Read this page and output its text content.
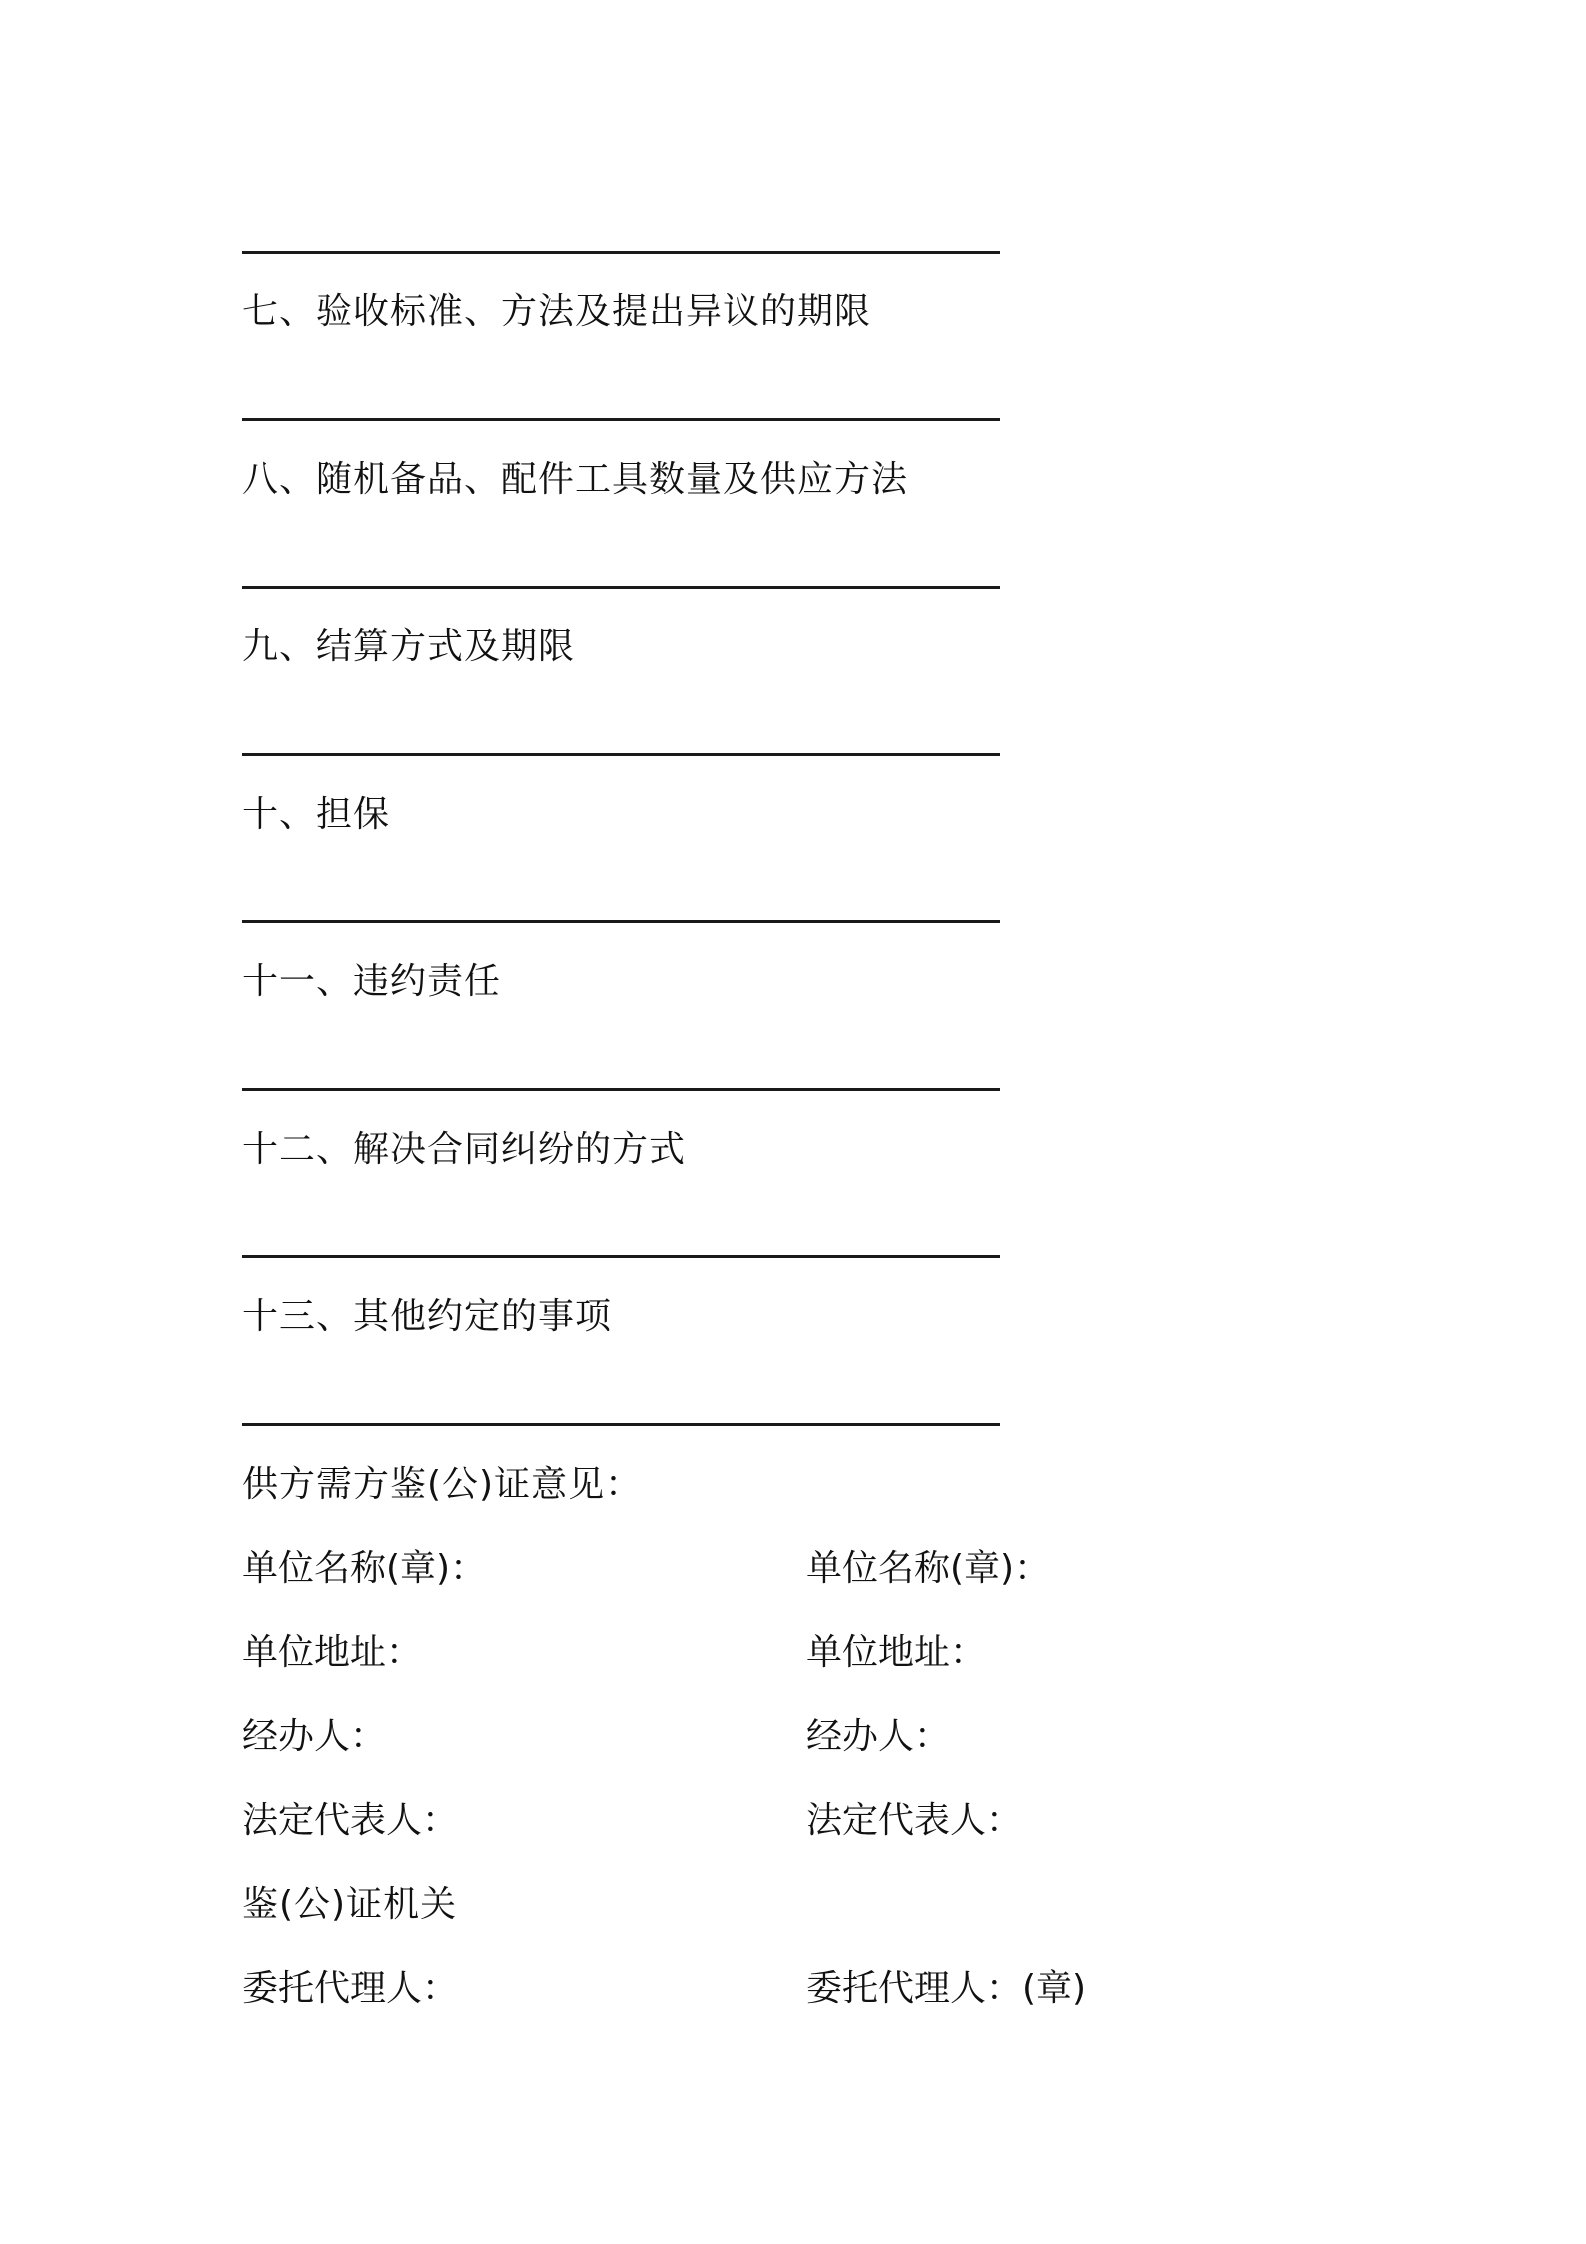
七、验收标准、方法及提出异议的期限
八、随机备品、配件工具数量及供应方法
九、结算方式及期限
十、担保
十一、违约责任
十二、解决合同纠纷的方式
十三、其他约定的事项
供方需方鉴(公)证意见：
单位名称(章)：	单位名称(章)：
单位地址：	单位地址：
经办人：	经办人：
法定代表人：	法定代表人：
鉴(公)证机关
委托代理人：	委托代理人：(章)
